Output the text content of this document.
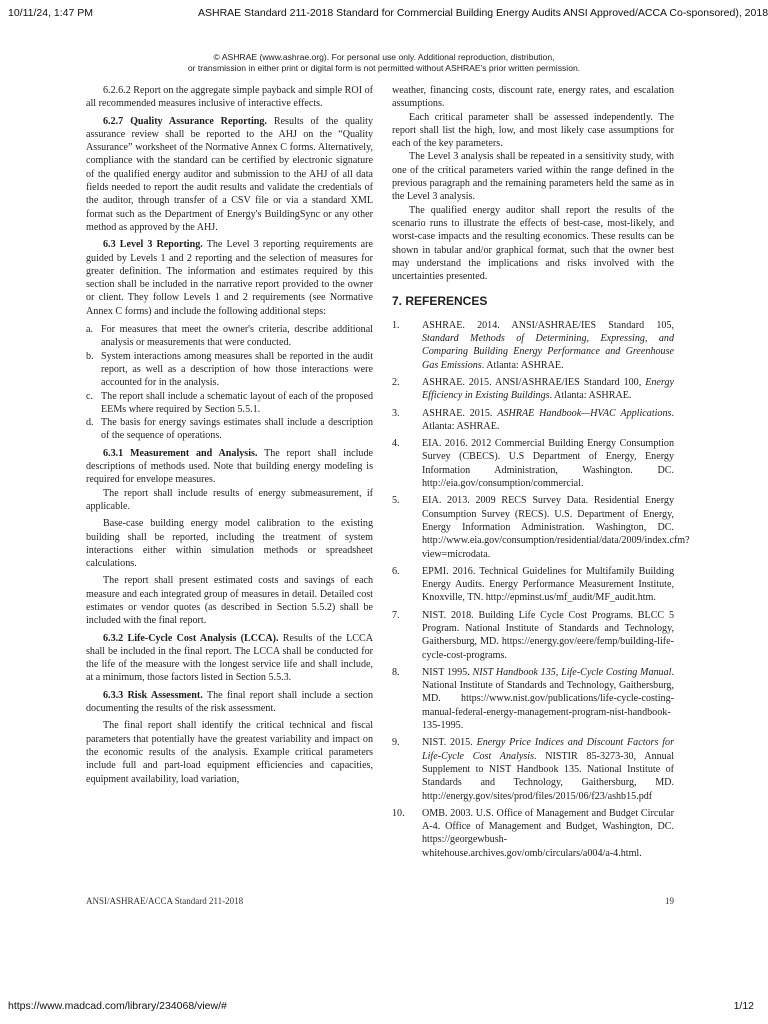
10/11/24, 1:47 PM	ASHRAE Standard 211-2018 Standard for Commercial Building Energy Audits ANSI Approved/ACCA Co-sponsored), 2018
© ASHRAE (www.ashrae.org). For personal use only. Additional reproduction, distribution,
or transmission in either print or digital form is not permitted without ASHRAE's prior written permission.

6.2.6.2 Report on the aggregate simple payback and simple ROI of all recommended measures inclusive of interactive effects.

6.2.7 Quality Assurance Reporting. Results of the quality assurance review shall be reported to the AHJ on the “Quality Assurance” worksheet of the Normative Annex C forms. Alternatively, compliance with the standard can be certified by electronic signature of the qualified energy auditor and submission to the AHJ of all data fields needed to report the audit results and validate the credentials of the auditor, through transfer of a CSV file or via a standard XML format such as the Department of Energy's BuildingSync or any other method as approved by the AHJ.

6.3 Level 3 Reporting. The Level 3 reporting requirements are guided by Levels 1 and 2 reporting and the selection of measures for greater definition. The information and estimates required by this section shall be included in the narrative report provided to the owner or client. They follow Levels 1 and 2 requirements (see Normative Annex C forms) and include the following additional steps:

a. For measures that meet the owner's criteria, describe additional analysis or measurements that were conducted.
b. System interactions among measures shall be reported in the audit report, as well as a description of how those interactions were accounted for in the analysis.
c. The report shall include a schematic layout of each of the proposed EEMs where required by Section 5.5.1.
d. The basis for energy savings estimates shall include a description of the sequence of operations.

6.3.1 Measurement and Analysis. The report shall include descriptions of methods used. Note that building energy modeling is required for envelope measures.

The report shall include results of energy submeasurement, if applicable.

Base-case building energy model calibration to the existing building shall be reported, including the treatment of system interactions either within simulation methods or spreadsheet calculations.

The report shall present estimated costs and savings of each measure and each integrated group of measures in detail. Detailed cost estimates or vendor quotes (as described in Section 5.5.2) shall be included with the final report.

6.3.2 Life-Cycle Cost Analysis (LCCA). Results of the LCCA shall be included in the final report. The LCCA shall be conducted for the life of the measure with the longest service life and shall include, at a minimum, those factors listed in Section 5.5.3.

6.3.3 Risk Assessment. The final report shall include a section documenting the results of the risk assessment.

The final report shall identify the critical technical and fiscal parameters that potentially have the greatest variability and impact on the economic results of the analysis. Example critical parameters include full and part-load equipment efficiencies and capacities, equipment availability, load variation,

weather, financing costs, discount rate, energy rates, and escalation assumptions.

Each critical parameter shall be assessed independently. The report shall list the high, low, and most likely case assumptions for each of the key parameters.

The Level 3 analysis shall be repeated in a sensitivity study, with one of the critical parameters varied within the range defined in the previous paragraph and the remaining parameters held the same as in the Level 3 analysis.

The qualified energy auditor shall report the results of the scenario runs to illustrate the effects of best-case, most-likely, and worst-case impacts and the resulting economics. These results can be shown in tabular and/or graphical format, such that the owner best may understand the implications and risks involved with the uncertainties presented.

7. REFERENCES
1. ASHRAE. 2014. ANSI/ASHRAE/IES Standard 105, Standard Methods of Determining, Expressing, and Comparing Building Energy Performance and Greenhouse Gas Emissions. Atlanta: ASHRAE.
2. ASHRAE. 2015. ANSI/ASHRAE/IES Standard 100, Energy Efficiency in Existing Buildings. Atlanta: ASHRAE.
3. ASHRAE. 2015. ASHRAE Handbook—HVAC Applications. Atlanta: ASHRAE.
4. EIA. 2016. 2012 Commercial Building Energy Consumption Survey (CBECS). U.S Department of Energy, Energy Information Administration, Washington. DC. http://eia.gov/consumption/commercial.
5. EIA. 2013. 2009 RECS Survey Data. Residential Energy Consumption Survey (RECS). U.S. Department of Energy, Energy Information Administration. Washington, DC. http://www.eia.gov/consumption/residential/data/2009/index.cfm?view=microdata.
6. EPMI. 2016. Technical Guidelines for Multifamily Building Energy Audits. Energy Performance Measurement Institute, Knoxville, TN. http://epminst.us/mf_audit/MF_audit.htm.
7. NIST. 2018. Building Life Cycle Cost Programs. BLCC 5 Program. National Institute of Standards and Technology, Gaithersburg, MD. https://energy.gov/eere/femp/building-life-cycle-cost-programs.
8. NIST 1995. NIST Handbook 135, Life-Cycle Costing Manual. National Institute of Standards and Technology, Gaithersburg, MD. https://www.nist.gov/publications/life-cycle-costing-manual-federal-energy-management-program-nist-handbook-135-1995.
9. NIST. 2015. Energy Price Indices and Discount Factors for Life-Cycle Cost Analysis. NISTIR 85-3273-30, Annual Supplement to NIST Handbook 135. National Institute of Standards and Technology, Gaithersburg, MD. http://energy.gov/sites/prod/files/2015/06/f23/ashb15.pdf
10. OMB. 2003. U.S. Office of Management and Budget Circular A-4. Office of Management and Budget, Washington, DC. https://georgewbush-whitehouse.archives.gov/omb/circulars/a004/a-4.html.
ANSI/ASHRAE/ACCA Standard 211-2018	19
https://www.madcad.com/library/234068/view/#	1/12
